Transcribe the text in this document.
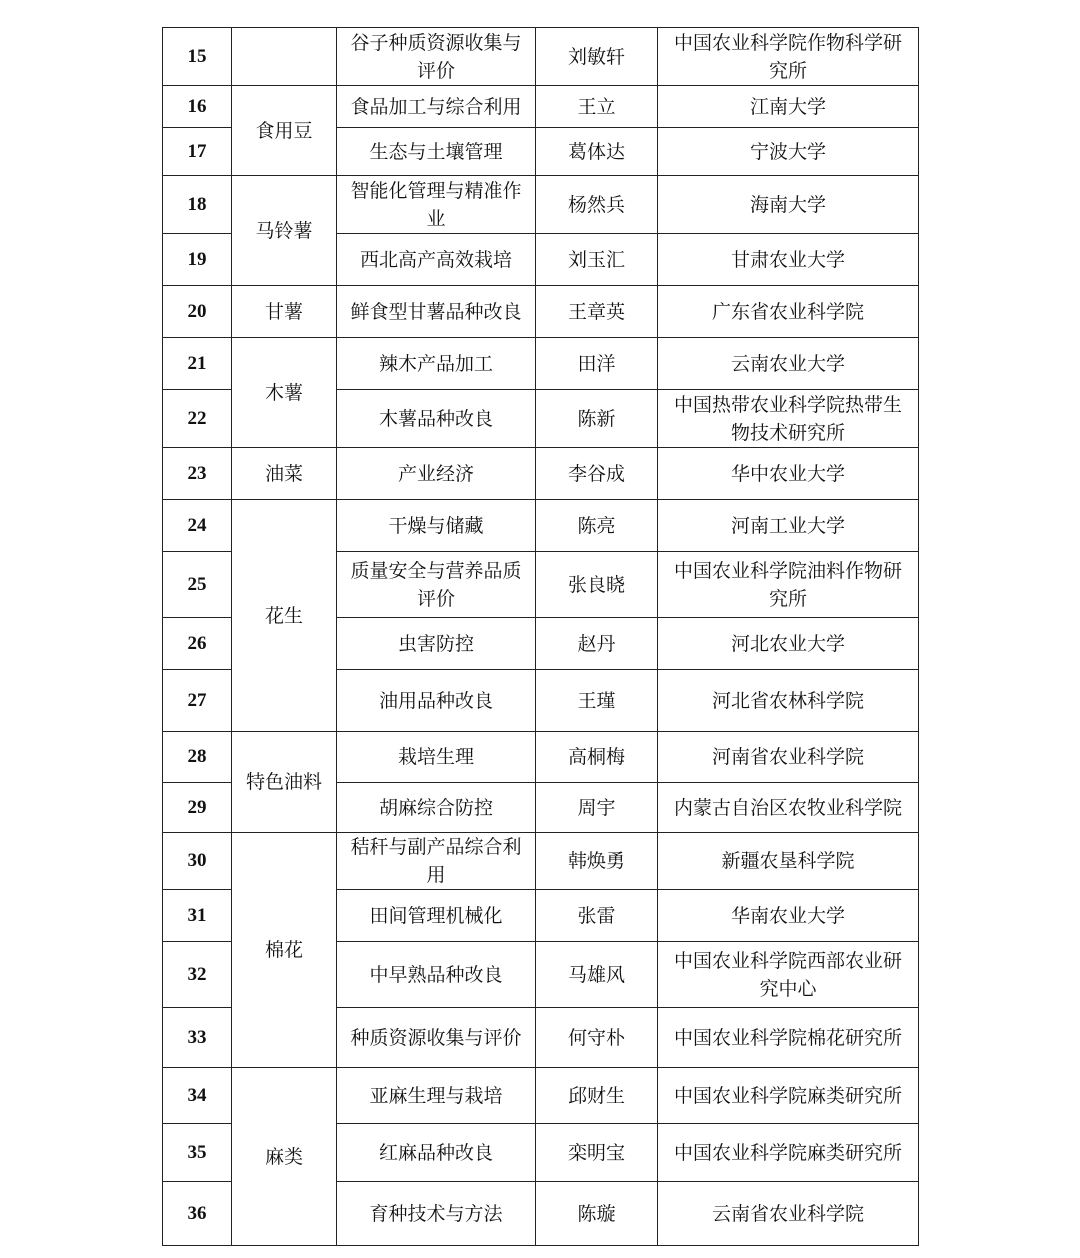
15		谷子种质资源收集与评价	刘敏轩	中国农业科学院作物科学研究所
16	食用豆	食品加工与综合利用	王立	江南大学
17		生态与土壤管理	葛体达	宁波大学
18	马铃薯	智能化管理与精准作业	杨然兵	海南大学
19		西北高产高效栽培	刘玉汇	甘肃农业大学
20	甘薯	鲜食型甘薯品种改良	王章英	广东省农业科学院
21	木薯	辣木产品加工	田洋	云南农业大学
22		木薯品种改良	陈新	中国热带农业科学院热带生物技术研究所
23	油菜	产业经济	李谷成	华中农业大学
24	花生	干燥与储藏	陈亮	河南工业大学
25		质量安全与营养品质评价	张良晓	中国农业科学院油料作物研究所
26		虫害防控	赵丹	河北农业大学
27		油用品种改良	王瑾	河北省农林科学院
28	特色油料	栽培生理	高桐梅	河南省农业科学院
29		胡麻综合防控	周宇	内蒙古自治区农牧业科学院
30	棉花	秸秆与副产品综合利用	韩焕勇	新疆农垦科学院
31		田间管理机械化	张雷	华南农业大学
32		中早熟品种改良	马雄风	中国农业科学院西部农业研究中心
33		种质资源收集与评价	何守朴	中国农业科学院棉花研究所
34	麻类	亚麻生理与栽培	邱财生	中国农业科学院麻类研究所
35		红麻品种改良	栾明宝	中国农业科学院麻类研究所
36		育种技术与方法	陈璇	云南省农业科学院
